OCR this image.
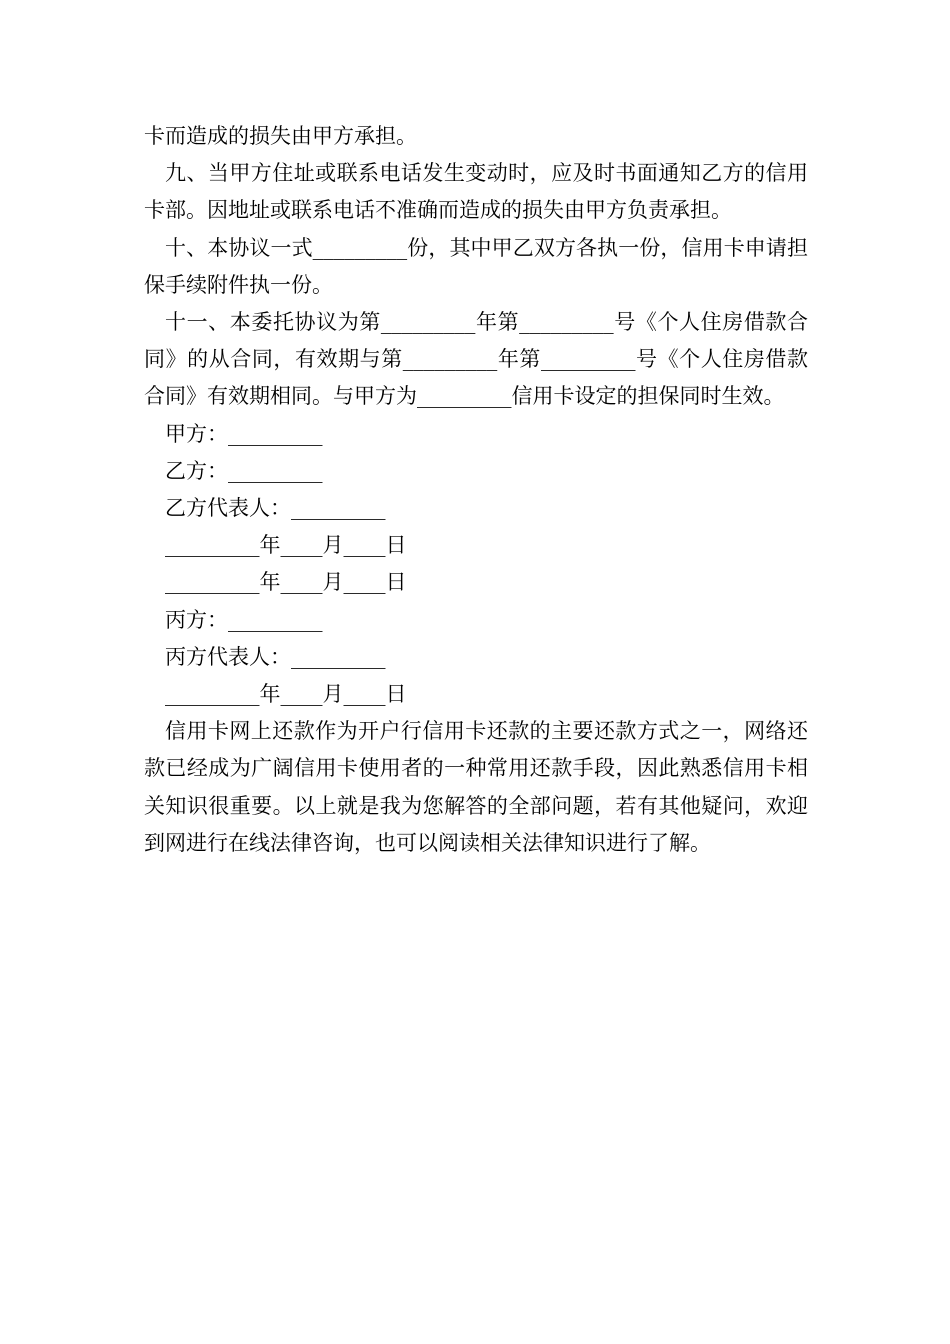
卡而造成的损失由甲方承担。

九、当甲方住址或联系电话发生变动时，应及时书面通知乙方的信用卡部。因地址或联系电话不准确而造成的损失由甲方负责承担。

十、本协议一式_________份，其中甲乙双方各执一份，信用卡申请担保手续附件执一份。

十一、本委托协议为第_________年第_________号《个人住房借款合同》的从合同，有效期与第_________年第_________号《个人住房借款合同》有效期相同。与甲方为_________信用卡设定的担保同时生效。

甲方：_________

乙方：_________

乙方代表人：_________

_________年____月____日

_________年____月____日

丙方：_________

丙方代表人：_________

_________年____月____日

信用卡网上还款作为开户行信用卡还款的主要还款方式之一，网络还款已经成为广阔信用卡使用者的一种常用还款手段，因此熟悉信用卡相关知识很重要。以上就是我为您解答的全部问题，若有其他疑问，欢迎到网进行在线法律咨询，也可以阅读相关法律知识进行了解。
